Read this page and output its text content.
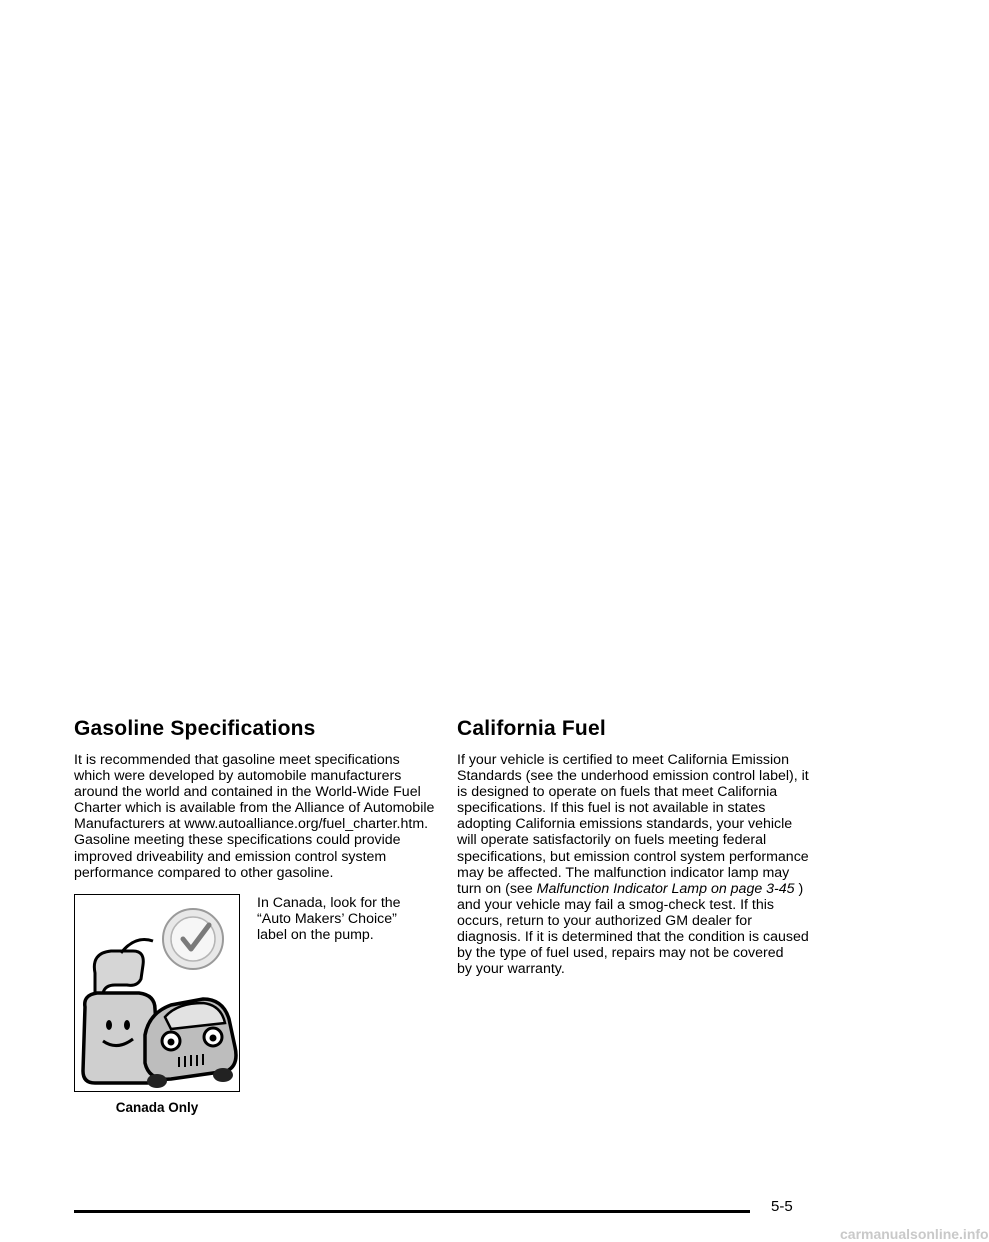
Gasoline Specifications

It is recommended that gasoline meet specifications
which were developed by automobile manufacturers
around the world and contained in the World-Wide Fuel
Charter which is available from the Alliance of Automobile
Manufacturers at www.autoalliance.org/fuel_charter.htm.
Gasoline meeting these specifications could provide
improved driveability and emission control system
performance compared to other gasoline.

Canada Only

In Canada, look for the
“Auto Makers’ Choice”
label on the pump.

California Fuel

If your vehicle is certified to meet California Emission
Standards (see the underhood emission control label), it
is designed to operate on fuels that meet California
specifications. If this fuel is not available in states
adopting California emissions standards, your vehicle
will operate satisfactorily on fuels meeting federal
specifications, but emission control system performance
may be affected. The malfunction indicator lamp may
turn on (see Malfunction Indicator Lamp on page 3-45 )
and your vehicle may fail a smog-check test. If this
occurs, return to your authorized GM dealer for
diagnosis. If it is determined that the condition is caused
by the type of fuel used, repairs may not be covered
by your warranty.

5-5
carmanualsonline.info
